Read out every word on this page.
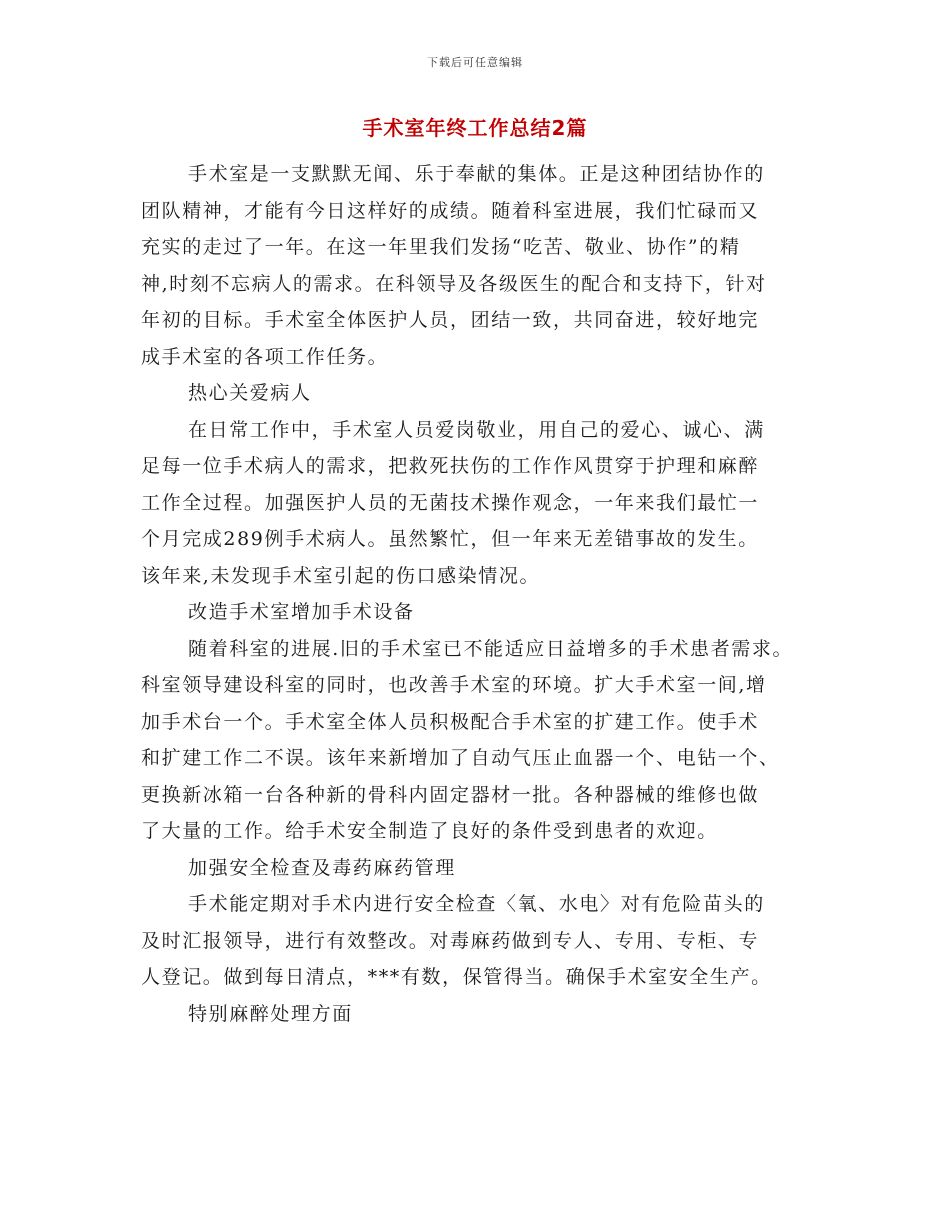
下载后可任意编辑
手术室年终工作总结2篇
手术室是一支默默无闻、乐于奉献的集体。正是这种团结协作的
团队精神，才能有今日这样好的成绩。随着科室进展，我们忙碌而又
充实的走过了一年。在这一年里我们发扬“吃苦、敬业、协作”的精
神,时刻不忘病人的需求。在科领导及各级医生的配合和支持下，针对
年初的目标。手术室全体医护人员，团结一致，共同奋进，较好地完
成手术室的各项工作任务。
热心关爱病人
在日常工作中，手术室人员爱岗敬业，用自己的爱心、诚心、满
足每一位手术病人的需求，把救死扶伤的工作作风贯穿于护理和麻醉
工作全过程。加强医护人员的无菌技术操作观念，一年来我们最忙一
个月完成289例手术病人。虽然繁忙，但一年来无差错事故的发生。
该年来,未发现手术室引起的伤口感染情况。
改造手术室增加手术设备
随着科室的进展.旧的手术室已不能适应日益增多的手术患者需求。
科室领导建设科室的同时，也改善手术室的环境。扩大手术室一间,增
加手术台一个。手术室全体人员积极配合手术室的扩建工作。使手术
和扩建工作二不误。该年来新增加了自动气压止血器一个、电钻一个、
更换新冰箱一台各种新的骨科内固定器材一批。各种器械的维修也做
了大量的工作。给手术安全制造了良好的条件受到患者的欢迎。
加强安全检查及毒药麻药管理
手术能定期对手术内进行安全检查〈氧、水电〉对有危险苗头的
及时汇报领导，进行有效整改。对毒麻药做到专人、专用、专柜、专
人登记。做到每日清点，***有数，保管得当。确保手术室安全生产。
特别麻醉处理方面
